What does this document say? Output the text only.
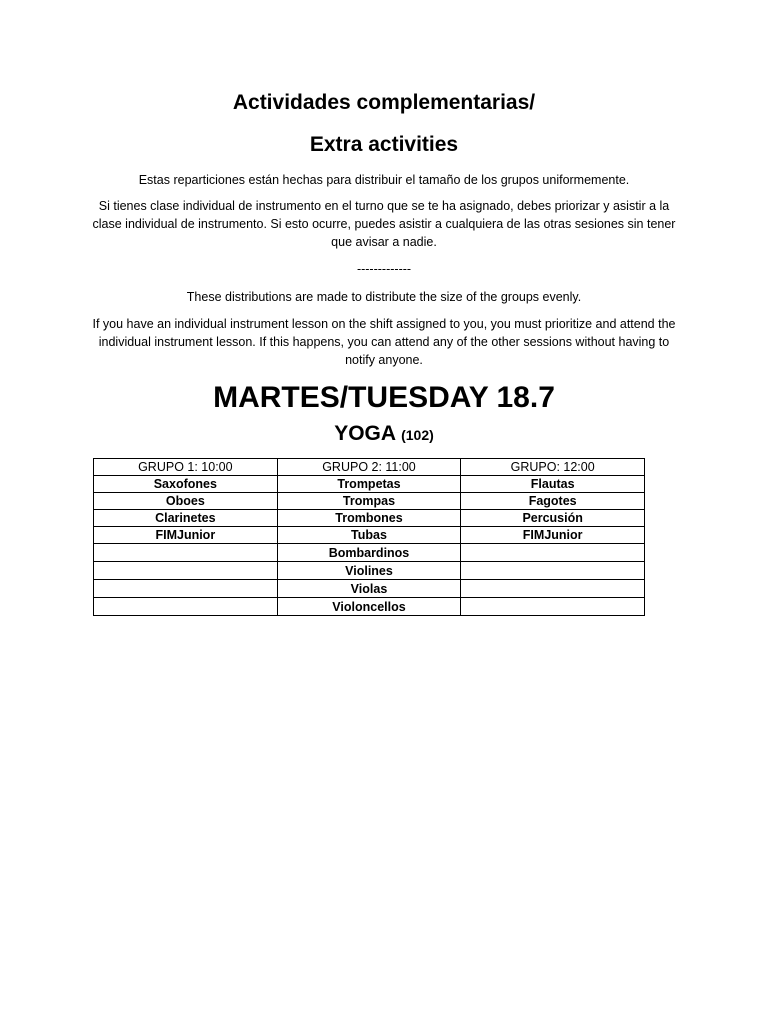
Actividades complementarias/
Extra activities
Estas reparticiones están hechas para distribuir el tamaño de los grupos uniformemente.
Si tienes clase individual de instrumento en el turno que se te ha asignado, debes priorizar y asistir a la clase individual de instrumento. Si esto ocurre, puedes asistir a cualquiera de las otras sesiones sin tener que avisar a nadie.
-------------
These distributions are made to distribute the size of the groups evenly.
If you have an individual instrument lesson on the shift assigned to you, you must prioritize and attend the individual instrument lesson. If this happens, you can attend any of the other sessions without having to notify anyone.
MARTES/TUESDAY 18.7
YOGA (102)
GRUPO 1: 10:00	GRUPO 2: 11:00	GRUPO: 12:00
Saxofones	Trompetas	Flautas
Oboes	Trompas	Fagotes
Clarinetes	Trombones	Percusión
FIMJunior	Tubas	FIMJunior
	Bombardinos	
	Violines	
	Violas	
	Violoncellos	
